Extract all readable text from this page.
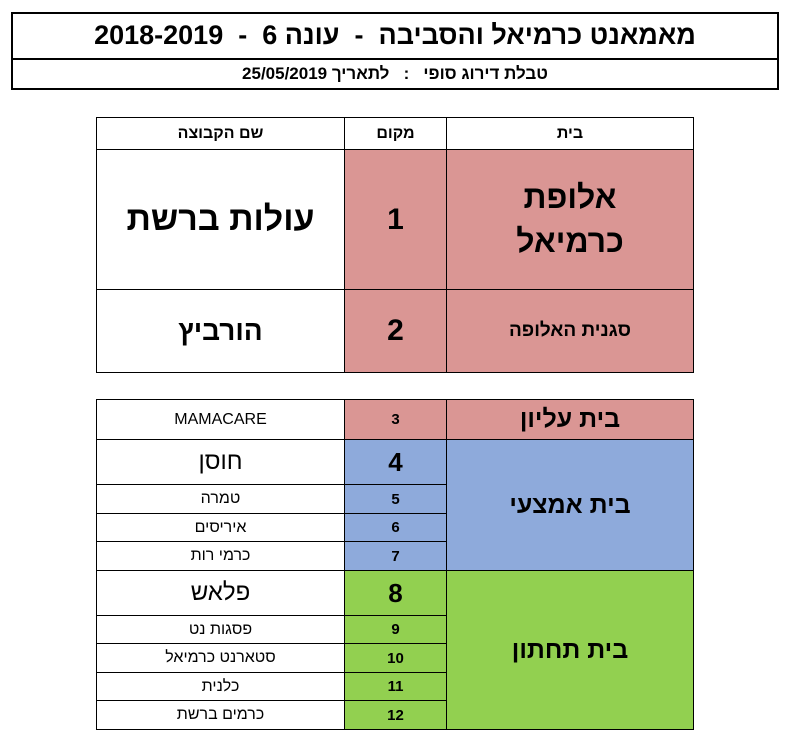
מאמאנט כרמיאל והסביבה  -  עונה 6  -  2018-2019
טבלת דירוג סופי   :   לתאריך 25/05/2019
בית
מקום
שם הקבוצה
אלופת כרמיאל
1
עולות ברשת
סגנית האלופה
2
הורביץ
בית עליון
3
MAMACARE
בית אמצעי
4
חוסן
5
טמרה
6
איריסים
7
כרמי רות
בית תחתון
8
פלאש
9
פסגות נט
10
סטארנט כרמיאל
11
כלנית
12
כרמים ברשת
